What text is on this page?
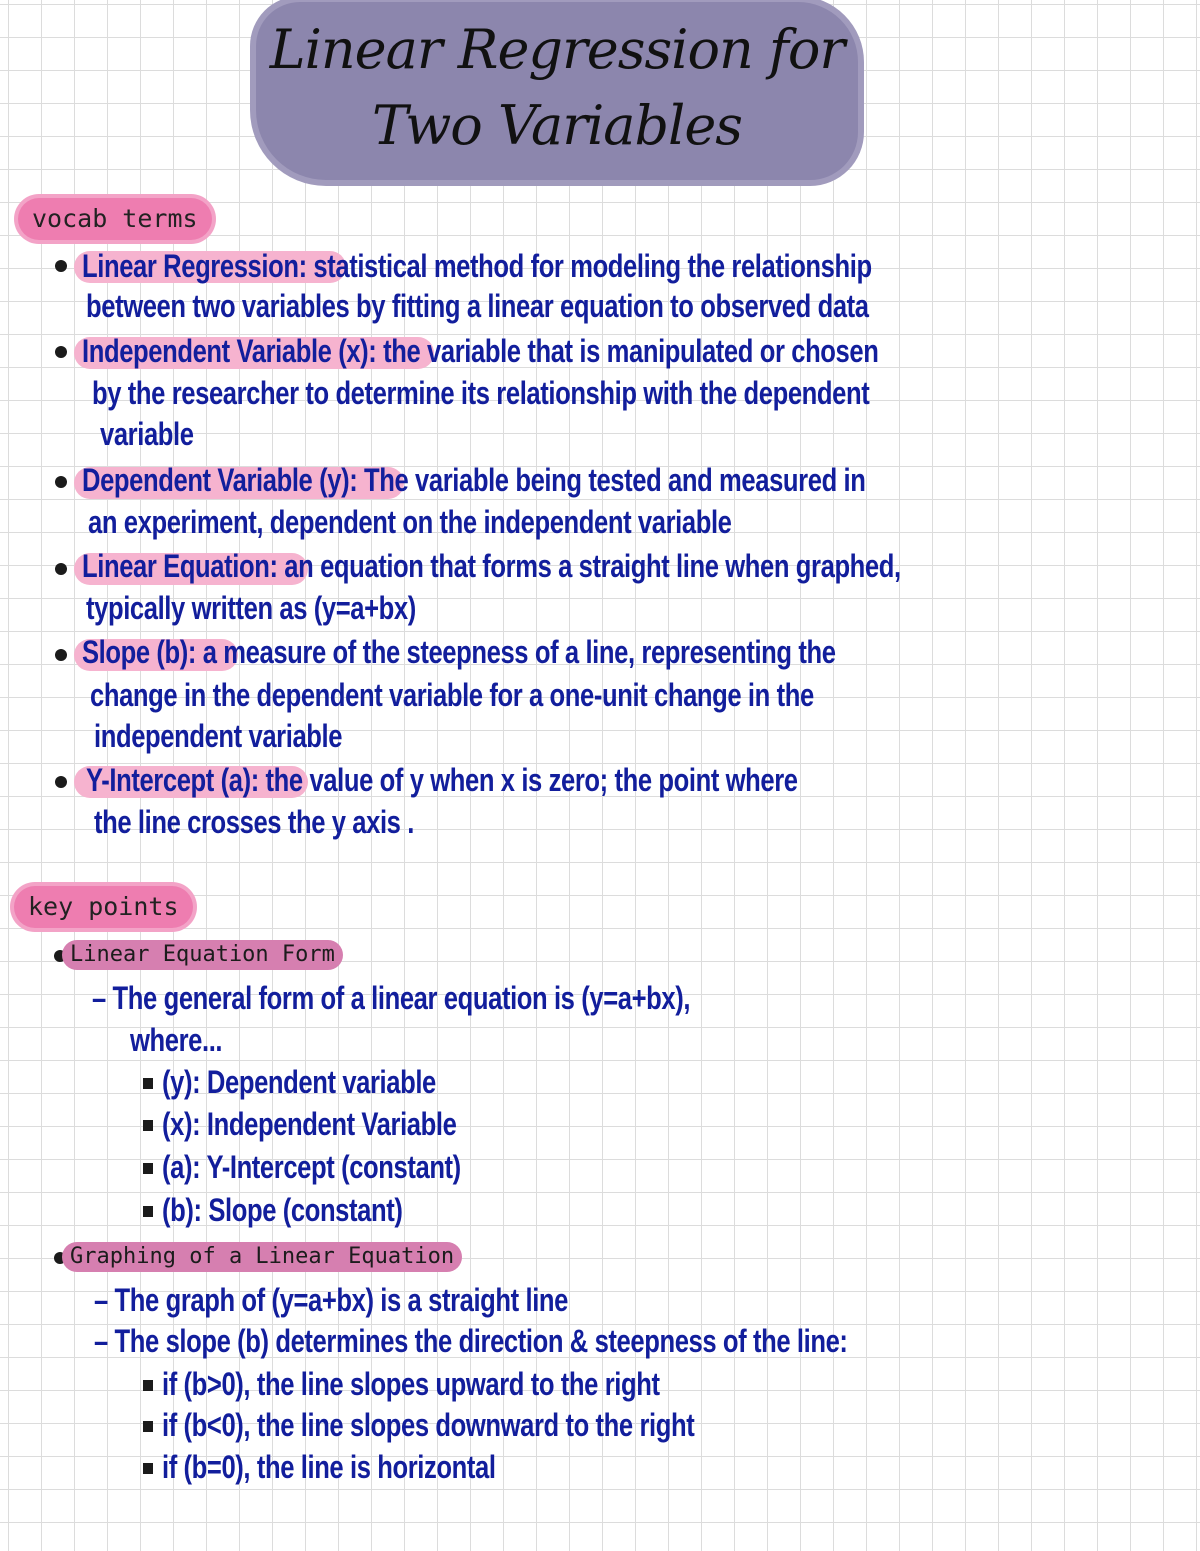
Linear Regression for
Two Variables
vocab terms
Linear Regression: statistical method for modeling the relationship
between two variables by fitting a linear equation to observed data
Independent Variable (x): the variable that is manipulated or chosen
by the researcher to determine its relationship with the dependent
variable
Dependent Variable (y): The variable being tested and measured in
an experiment, dependent on the independent variable
Linear Equation: an equation that forms a straight line when graphed,
typically written as (y=a+bx)
Slope (b): a measure of the steepness of a line, representing the
change in the dependent variable for a one-unit change in the
independent variable
Y-Intercept (a): the value of y when x is zero; the point where
the line crosses the y axis .
key points
Linear Equation Form
– The general form of a linear equation is (y=a+bx),
where...
(y): Dependent variable
(x): Independent Variable
(a): Y-Intercept (constant)
(b): Slope (constant)
Graphing of a Linear Equation
– The graph of (y=a+bx) is a straight line
– The slope (b) determines the direction & steepness of the line:
if (b>0), the line slopes upward to the right
if (b<0), the line slopes downward to the right
if (b=0), the line is horizontal
